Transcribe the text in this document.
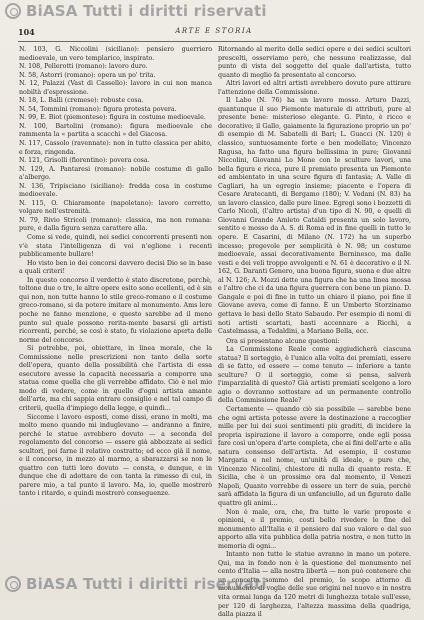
BiASA Tutti i diritti riservati
104	ARTE E STORIA

N. 103, G. Niccolini (siciliano): pensiero guerriero medioevale, un vero templarico, inspirato.

N. 108, Pellerotti (romano): lavoro duro.

N. 58, Astorri (romano): opera un po' trita.

N. 12, Palazzi (Vast di Cassello): lavoro in cui non manca nobiltà d'espressione.

N. 18, L. Balli (cremese): robuste cosa.

N. 54, Tommini (romano): figura protesta povera.

N. 99, E. Biot (piemontese): figura in costume medioevale.

N. 100, Bartolini (romano): figura medioevale che rammenta la « partita a scacchi » del Giacosa.

N. 117, Cassolo (ravennate): non in tutto classica per abito, e forza, ringenda.

N. 121, Grisolli (fiorentino): povera cosa.

N. 129, A. Pantaresi (romano): nobile costume di gallo a'albergo.

N. 136, Tripisciano (siciliano): fredda cosa in costume medioevale.

N. 115, O. Chiaramonte (napoletano): lavoro corretto, volgare nell'estremità.

N. 79, Rivio Stricoli (romano): classica, ma non romana: pure, e dalla figura senza carattere alla.

Come si vede, quindi, nei sedici concorrenti presenti non v'è stata l'intelligenza di voi n'eglione i recenti pubblicamente bullare!

Ho visto ben io dei concorsi davvero decisi Dio se in base a quali criteri!

In questo concorso il verdetto è stato discretone, perchè, toltone due o tre, le altre opere esito sono ecellenti, ed è sin qui non, non tutte hanno lo stile greco-romano e il costume greco-romano, si da potere imitare al monumento. Ams lere poche ne fanno menzione, e questo sarebbe ad il meno punto sul quale possono rerita-mente basarsi gli artisti ricorrenti, perché, se così è stato, fu violazione aperta delle norme del concorso.

Si potrebbe, poi, obiettare, in linea morale, che la Commissione nelle prescrizioni non tanto della sorte dell'opera, quanto della possibilità che l'artista di essa esecutore avesse la capacità necessaria a comporre una statua come quella che gli verrebbe affidato. Ciò è nel mio modo di vedere, come in quello d'ogni artista amante dell'arte, ma chi sappia entrare consiglio e nel tal campo di criterii, quella d'impiego della legge, e quindi...

Siccome i lavoro esposti, come dissi, erano in molti, ma molto meno quando mi induglevano — andranno a finire, perché le statue avrebbero dovuto — a seconda del regolamento del concorso — essere già abbozzate ai sedici scultori, poi farne il relativo costratto; ed ecco già il nome, e il concorso, in mezzo al marmo, a sbarazzarsi se non le quattro con tutti loro dovuto — consta, e dunque, e in dunque che di adottare de con tanta la rimesso di cui, in parere mio, a tal punto il lavoro. Ma, io, quelle mostrerò tanto i ritardo, e quindi mostrerò conseguenze.

Ritornando al merito delle sedici opere e dei sedici scultori prescelti, osserviamo però, che nessuno realizzasse, dal punto di vista del soggetto del quale dall'artista, tutto quanto di meglio fa presentato al concorso.

Altri lavori ed altri artisti avrebbero dovuto pure attirare l'attenzione della Commissione.

Il Labo (N. 76) ha un lavoro mosso. Arturo Dazzi, quantunque il suo Piemonte maturale di attributi, pure al presente bene: misterioso elegante. G. Pinto, è ricco e decorativo; il Gallo, gaiamente la figurazione proprio un po' di esempio di M. Sabatelli di Bari; L. Guacci (N. 120) è classico, suntuosamente forte e ben modellato; Vincenzo Ragusa, ha fatto una figura bellissima in pure; Giovanni Niccolini, Giovanni Lo Mone con le sculture lavori, una bella figura e ricca, pure il premiato presenta un Piemonte ed ambientato in una scure figura di fantasia; A. Valle di Cagliari, ha un egregio insieme; piacente e l'opera di Cesare Aratecanti, di Bergamo (180); V. Vedani (N. 83) ha un lavoro classico, dalle pure linee. Egregi sono i bozzetti di Carlo Nicoli, (l'altro artista) d'un tipo di N. 90, e quelli di Giovanni Grande Amleto Cataldi presenta un solo lavoro, sentito e mosso da A. S. di Roma ed in fine quelli in tutto le opere. E Casarini, di Milano (N. 172) ha un superbo incesso; pregevole per semplicità è N. 98; un costume medioevale, assai decorativamente Berninesco, ma dalle vesti e dei veli troppo avvolgenti e N. 61 è decorativo e il N. 162, G. Daranti Genero, una buona figura, suona e due altre al N. 126; A. Mozzi dette una figura che ha una linea mossa e l'altro che ci da una figura guerrera con bene un piano. D. Gangale e poi di fine in tutto un chiaro il piano, poi fine il Giovane aveva, come di fanno. È un Umberto Storzinamo gettava le basi dello Stato Sabaudo. Per esempio di nomi di noti artisti scartati, basti accennare a Ricchi, a Castelmassa, a Tedaldini, a Mariano Bella, ecc.

Ora si presentano alcune questioni:

La Commissione Reale come aggiudicherà ciascuna statua? Il sorteggio, è l'unico alla volta dei premiati, essere di se fatto, ed essere — come tenuto — inferiore a tante sculture? O il sorteggio, come si pensa, salverà l'imparzialità di questo? Già artisti premiati scelgono a loro agio o dovranno sottostare ad un permanente controllo della Commissione Reale?

Certamente — quando ciò sia possibile — sarebbe bene che ogni artista potesse avere la destinazione a raccoglier mille per lui dei suoi sentimenti più graditi, di incidere la propria ispirazione il lavoro a comporre, onde egli possa fare così un'opera d'arte completa, che ai fini dell'arte e alla natura consenso dell'artista. Ad esempio, il costume Margaria e nel nome, un'unità di ideale, e pure che, Vincenzo Niccolini, chiestore di nulla di quanto resta. E Sicilia, che è un prossimo ora dal momento, il Venezi Napoli, Quanto vorrebbe di essere un terr de suia, perchè sarà affidata la figura di un unfanciullo, ad un figurato dalle quattro gli animi...

Non è male, ora, che, fra tutte le varie proposte e opinioni, e il premio, costi bello rivedere le fine del monumento all'Italia e il pensiero dal suo valore e dal suo apporto alla vita pubblica della patria nostra, e non tutto in memoria di ogni...

Intanto non tutte le statue avranno in mano un potere. Qui, ma in fondo non è la questione del monumento nel cento d'Italia — alla nostra libertà — non può contenere che un concetto sommo del premio, lo scopo attorno di monumento di voglie delle sue origini nel nuovo e in nostra vita ormai lunga da 120 metri di lunghezza totale sull'esse, per 120 di larghezza, l'altezza massima della quadriga, dalla piazza il

BiASA Tutti i diritti riservati
